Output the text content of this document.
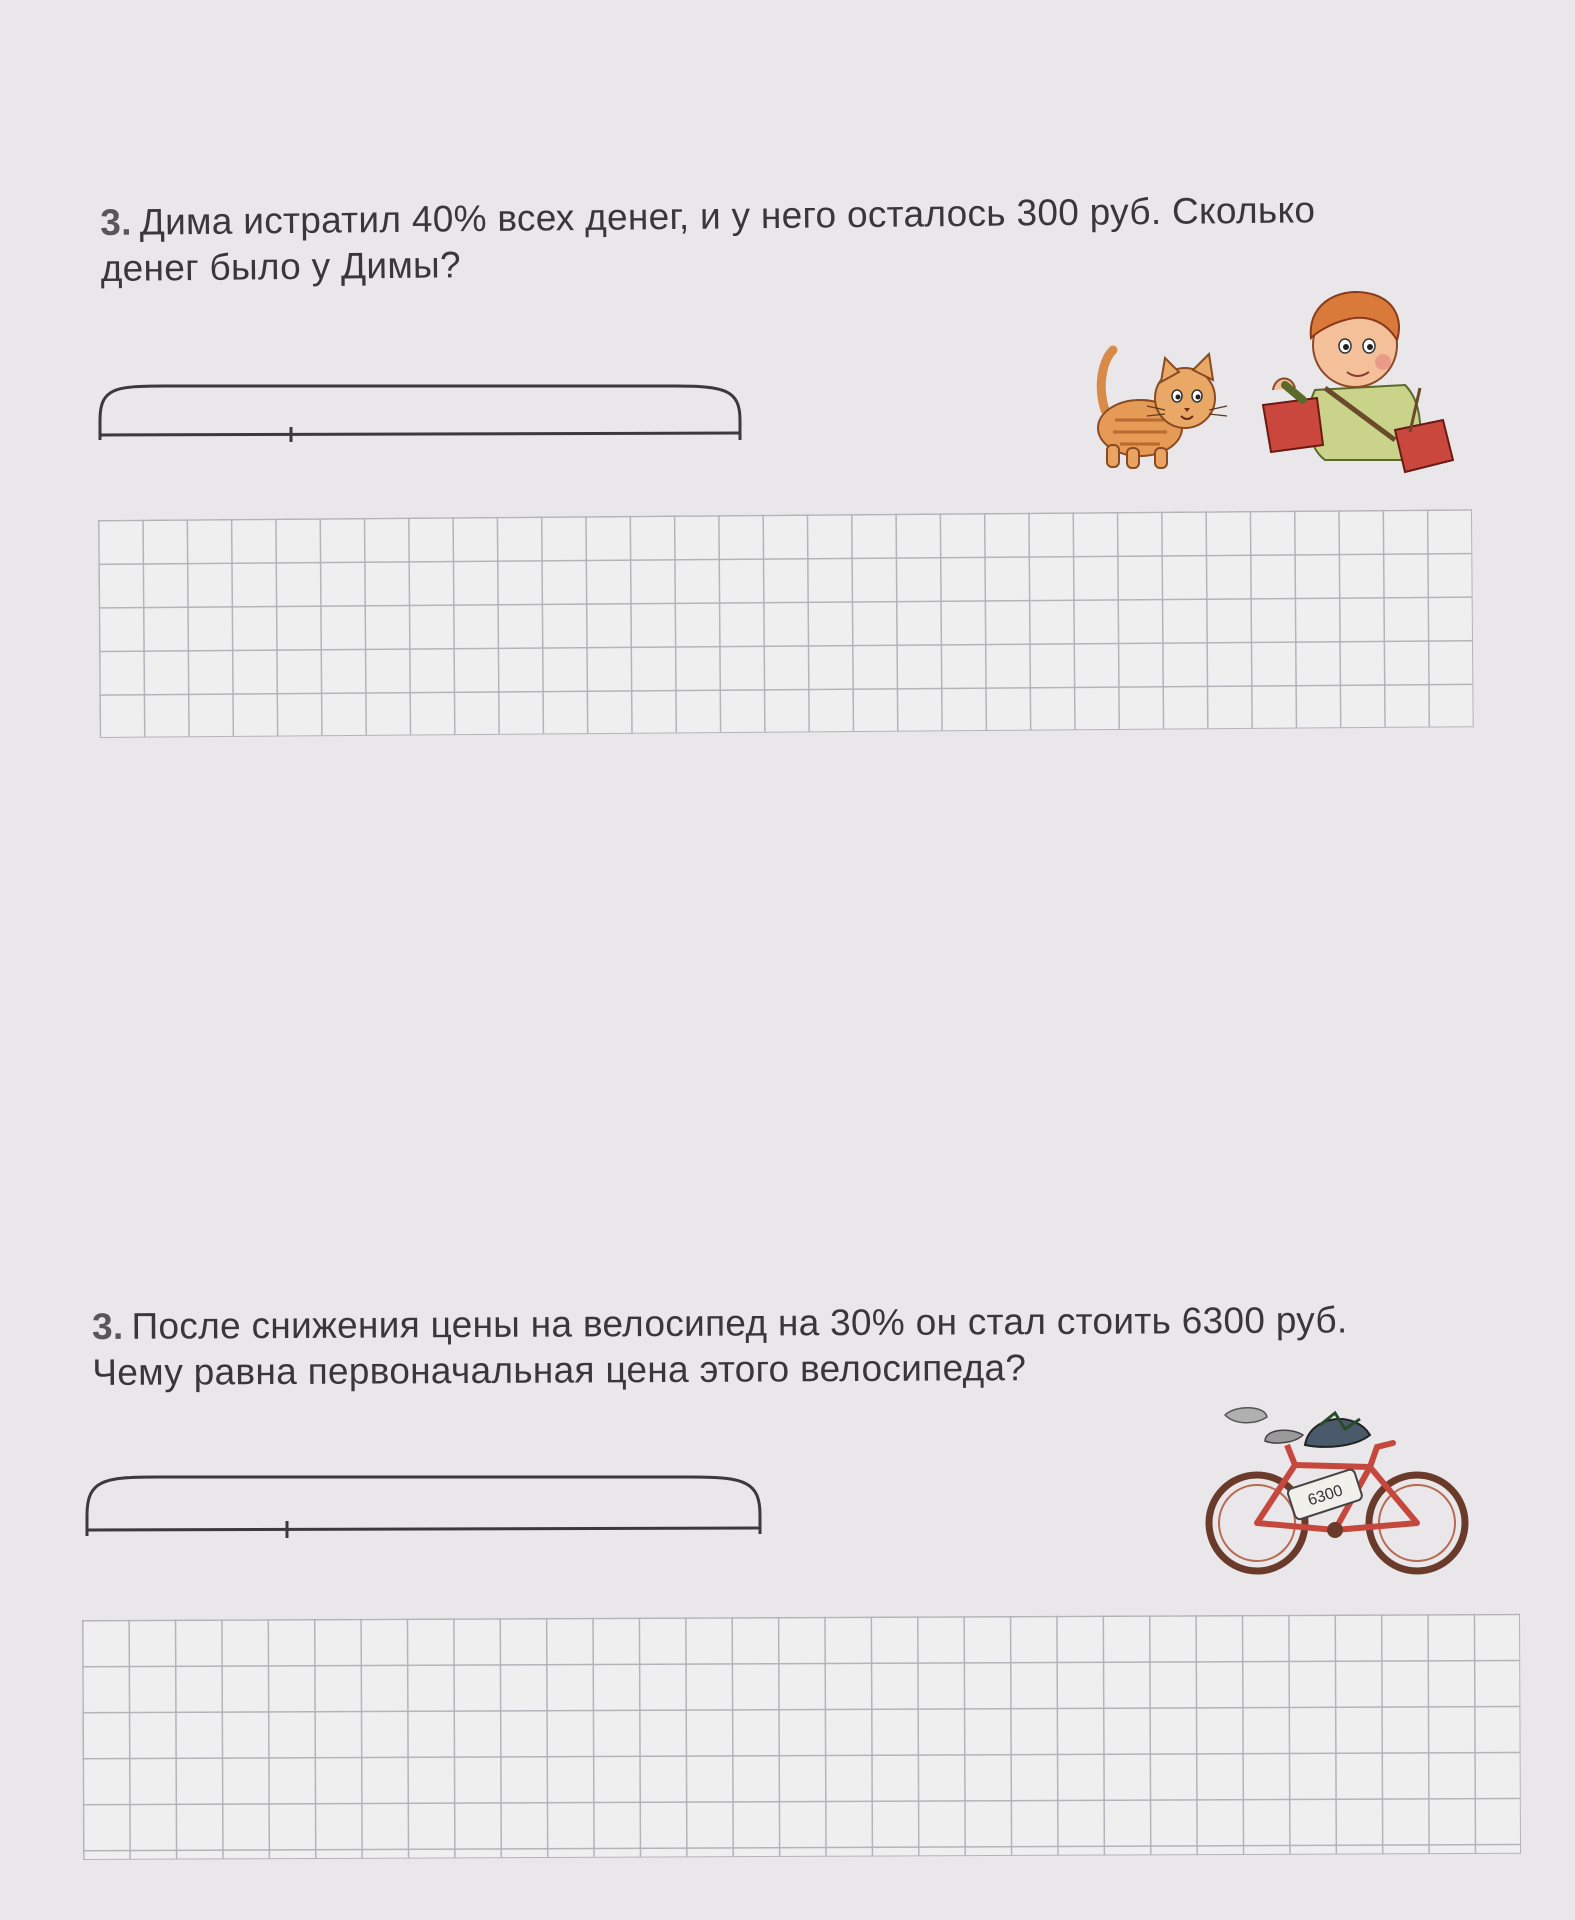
3. Дима истратил 40% всех денег, и у него осталось 300 руб. Сколько
денег было у Димы?
3. После снижения цены на велосипед на 30% он стал стоить 6300 руб.
Чему равна первоначальная цена этого велосипеда?
6300
